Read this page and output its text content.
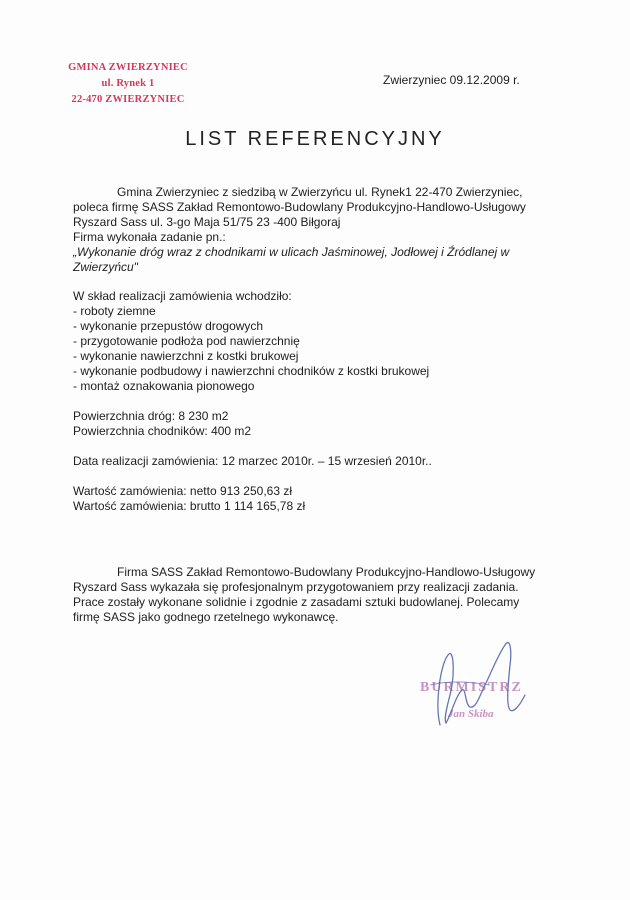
GMINA ZWIERZYNIEC
ul. Rynek 1
22-470 ZWIERZYNIEC
Zwierzyniec 09.12.2009 r.
LIST REFERENCYJNY

Gmina Zwierzyniec z siedzibą w Zwierzyńcu ul. Rynek1 22-470 Zwierzyniec,

poleca firmę SASS Zakład Remontowo-Budowlany Produkcyjno-Handlowo-Usługowy

Ryszard Sass ul. 3-go Maja 51/75 23 -400 Biłgoraj

Firma wykonała zadanie pn.:

„Wykonanie dróg wraz z chodnikami w ulicach Jaśminowej, Jodłowej i Źródlanej w

Zwierzyńcu"

W skład realizacji zamówienia wchodziło:

- roboty ziemne
- wykonanie przepustów drogowych
- przygotowanie podłoża pod nawierzchnię
- wykonanie nawierzchni z kostki brukowej
- wykonanie podbudowy i nawierzchni chodników z kostki brukowej
- montaż oznakowania pionowego

Powierzchnia dróg: 8 230 m2

Powierzchnia chodników: 400 m2

Data realizacji zamówienia: 12 marzec 2010r. – 15 wrzesień 2010r..

Wartość zamówienia: netto 913 250,63 zł

Wartość zamówienia: brutto 1 114 165,78 zł

Firma SASS Zakład Remontowo-Budowlany Produkcyjno-Handlowo-Usługowy

Ryszard Sass wykazała się profesjonalnym przygotowaniem przy realizacji zadania.

Prace zostały wykonane solidnie i zgodnie z zasadami sztuki budowlanej. Polecamy

firmę SASS jako godnego rzetelnego wykonawcę.

BURMISTRZ
Jan Skiba
